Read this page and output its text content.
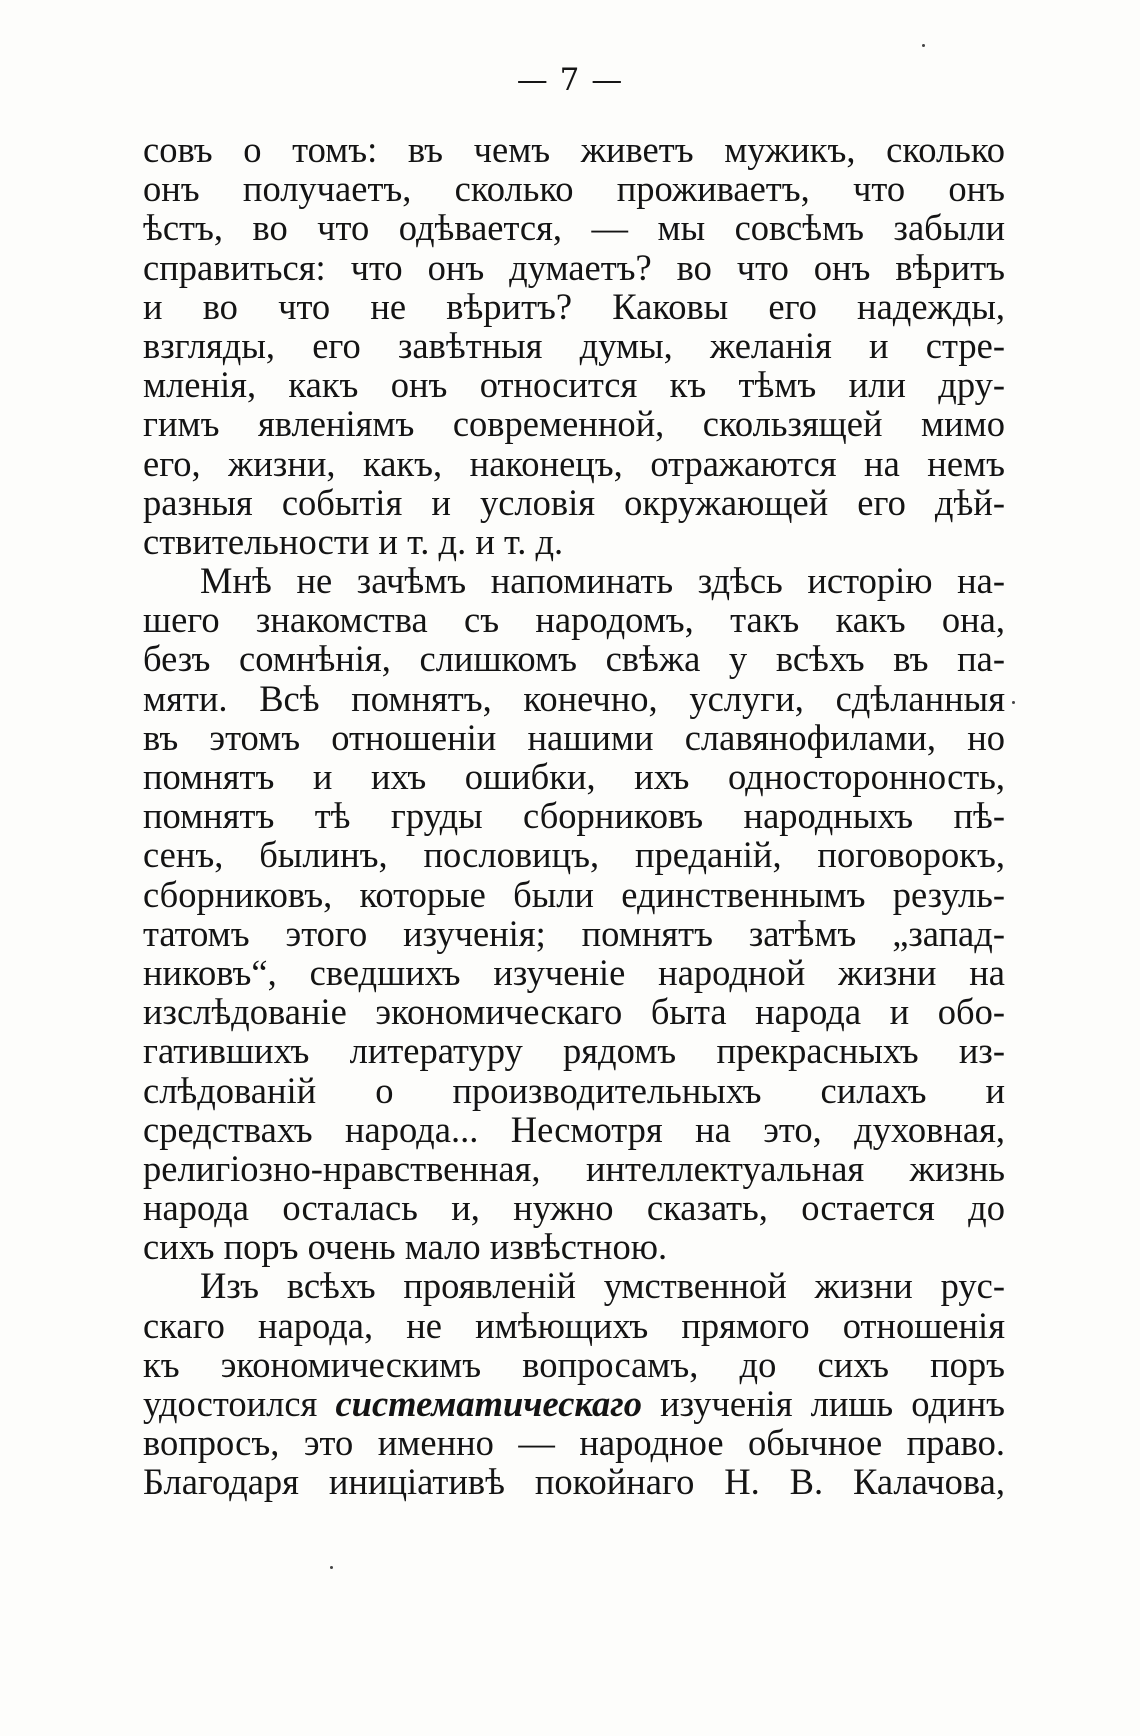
— 7 —
совъ о томъ: въ чемъ живетъ мужикъ, сколько
онъ получаетъ, сколько проживаетъ, что онъ
ѣстъ, во что одѣвается, — мы совсѣмъ забыли
справиться: что онъ думаетъ? во что онъ вѣритъ
и во что не вѣритъ? Каковы его надежды,
взгляды, его завѣтныя думы, желанія и стре-
мленія, какъ онъ относится къ тѣмъ или дру-
гимъ явленіямъ современной, скользящей мимо
его, жизни, какъ, наконецъ, отражаются на немъ
разныя событія и условія окружающей его дѣй-
ствительности и т. д. и т. д.
Мнѣ не зачѣмъ напоминать здѣсь исторію на-
шего знакомства съ народомъ, такъ какъ она,
безъ сомнѣнія, слишкомъ свѣжа у всѣхъ въ па-
мяти. Всѣ помнятъ, конечно, услуги, сдѣланныя
въ этомъ отношеніи нашими славянофилами, но
помнятъ и ихъ ошибки, ихъ односторонность,
помнятъ тѣ груды сборниковъ народныхъ пѣ-
сенъ, былинъ, пословицъ, преданій, поговорокъ,
сборниковъ, которые были единственнымъ резуль-
татомъ этого изученія; помнятъ затѣмъ „запад-
никовъ“, сведшихъ изученіе народной жизни на
изслѣдованіе экономическаго быта народа и обо-
гатившихъ литературу рядомъ прекрасныхъ из-
слѣдованій о производительныхъ силахъ и
средствахъ народа... Несмотря на это, духовная,
религіозно-нравственная, интеллектуальная жизнь
народа осталась и, нужно сказать, остается до
сихъ поръ очень мало извѣстною.
Изъ всѣхъ проявленій умственной жизни рус-
скаго народа, не имѣющихъ прямого отношенія
къ экономическимъ вопросамъ, до сихъ поръ
удостоился систематическаго изученія лишь одинъ
вопросъ, это именно — народное обычное право.
Благодаря иниціативѣ покойнаго Н. В. Калачова,
